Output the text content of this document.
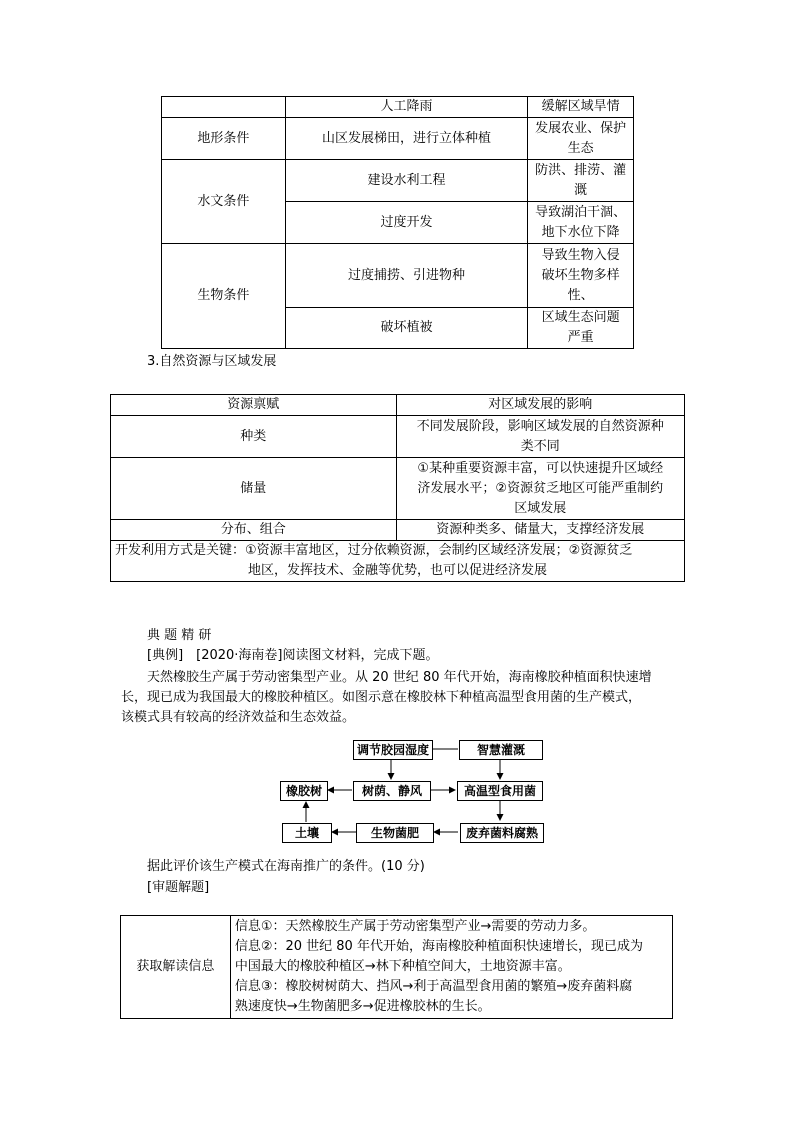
	人工降雨	缓解区域旱情
地形条件	山区发展梯田，进行立体种植	发展农业、保护
生态

水文条件	建设水利工程	防洪、排涝、灌
溉

	过度开发	导致湖泊干涸、
地下水位下降

生物条件	过度捕捞、引进物种	导致生物入侵
破坏生物多样
性、

	破坏植被	区域生态问题
严重
3.自然资源与区域发展
资源禀赋	对区域发展的影响
种类	不同发展阶段，影响区域发展的自然资源种
类不同

储量	①某种重要资源丰富，可以快速提升区域经
济发展水平；②资源贫乏地区可能严重制约
区域发展

分布、组合	资源种类多、储量大，支撑经济发展

开发利用方式是关键：①资源丰富地区，过分依赖资源，会制约区域经济发展；②资源贫乏
地区，发挥技术、金融等优势，也可以促进经济发展	
典 题 精 研
[典例]　[2020·海南卷]阅读图文材料，完成下题。
天然橡胶生产属于劳动密集型产业。从 20 世纪 80 年代开始，海南橡胶种植面积快速增
长，现已成为我国最大的橡胶种植区。如图示意在橡胶林下种植高温型食用菌的生产模式，
该模式具有较高的经济效益和生态效益。
调节胶园湿度	智慧灌溉
橡胶树	树荫、静风	高温型食用菌
土壤	生物菌肥	废弃菌料腐熟
据此评价该生产模式在海南推广的条件。(10 分)
[审题解题]
获取解读信息	
信息①：天然橡胶生产属于劳动密集型产业→需要的劳动力多。
信息②：20 世纪 80 年代开始，海南橡胶种植面积快速增长，现已成为
中国最大的橡胶种植区→林下种植空间大，土地资源丰富。
信息③：橡胶树树荫大、挡风→利于高温型食用菌的繁殖→废弃菌料腐
熟速度快→生物菌肥多→促进橡胶林的生长。
